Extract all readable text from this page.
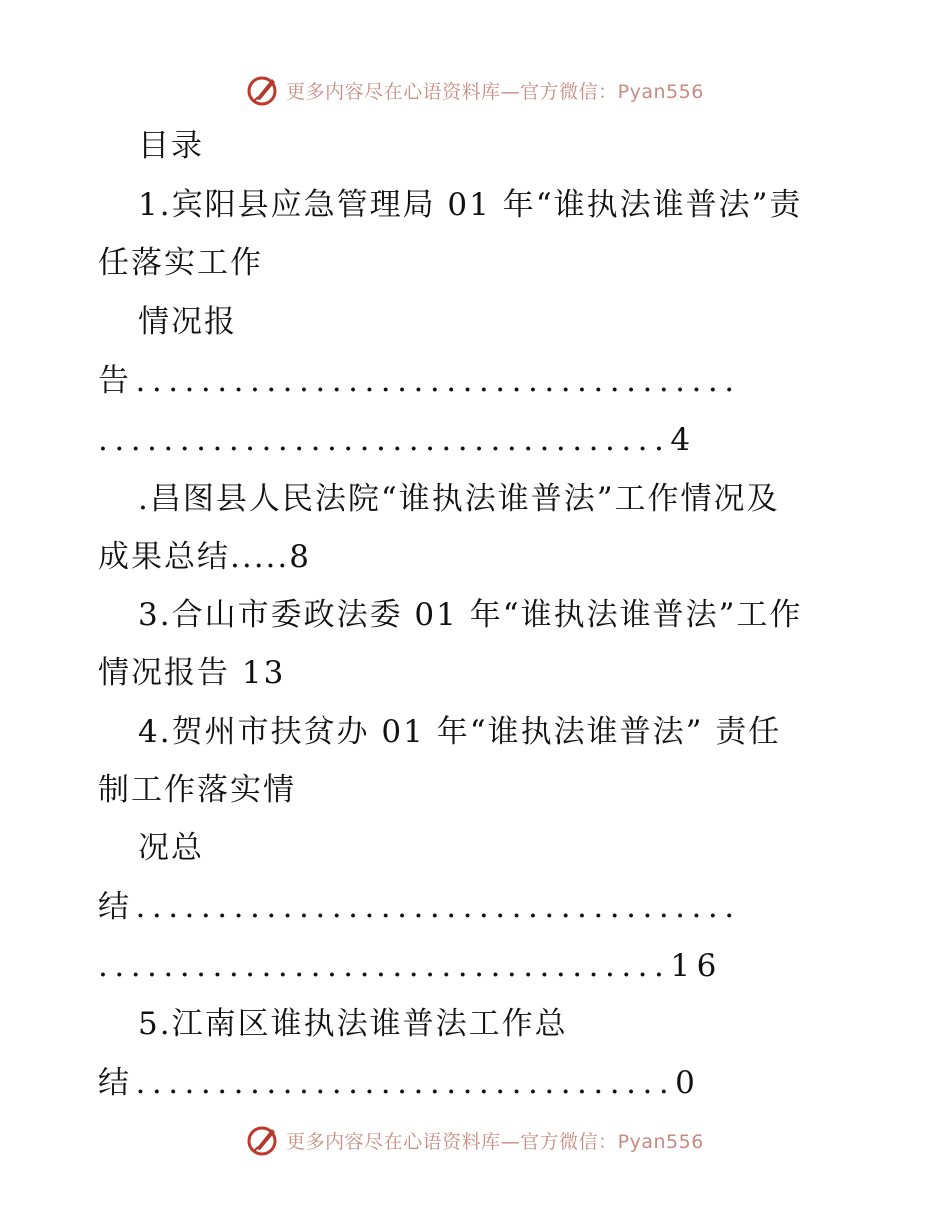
更多内容尽在心语资料库—官方微信：Pyan556
目录
1.宾阳县应急管理局 01 年“谁执法谁普法”责
任落实工作
情况报
告.....................................
...................................4
.昌图县人民法院“谁执法谁普法”工作情况及
成果总结.....8
3.合山市委政法委 01 年“谁执法谁普法”工作
情况报告 13
4.贺州市扶贫办 01 年“谁执法谁普法” 责任
制工作落实情
况总
结.....................................
...................................16
5.江南区谁执法谁普法工作总
结.................................0
更多内容尽在心语资料库—官方微信：Pyan556
